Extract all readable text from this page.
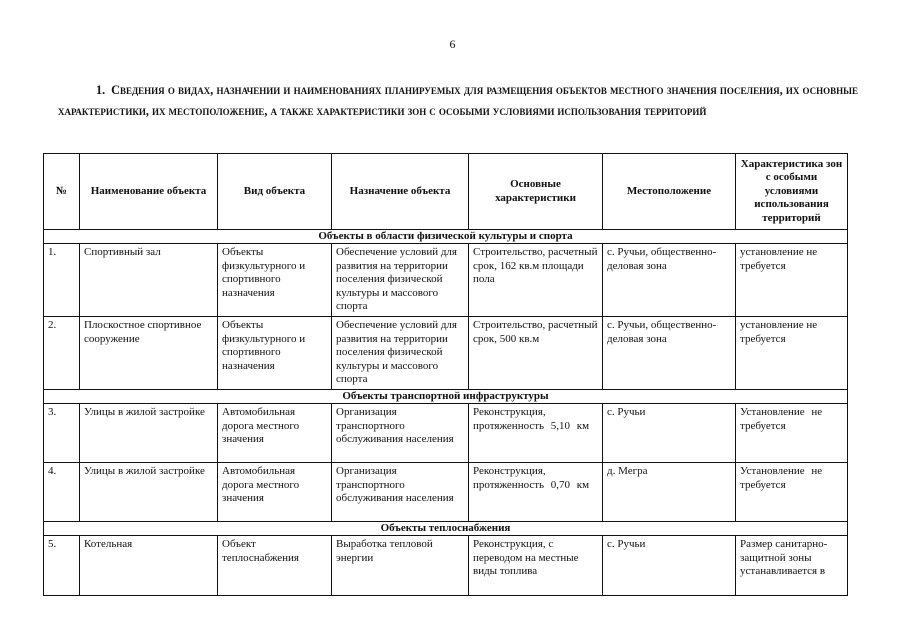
6
1. Сведения о видах, назначении и наименованиях планируемых для размещения объектов местного значения поселения, их основные характеристики, их местоположение, а также характеристики зон с особыми условиями использования территорий
№	Наименование объекта	Вид объекта	Назначение объекта	Основные характеристики	Местоположение	Характеристика зон с особыми условиями использования территорий
Объекты в области физической культуры и спорта						
1.	Спортивный зал	Объекты физкультурного и спортивного назначения	Обеспечение условий для развития на территории поселения физической культуры и массового спорта	Строительство, расчетный срок, 162 кв.м площади пола	с. Ручьи, общественно-деловая зона	установление не требуется
2.	Плоскостное спортивное сооружение	Объекты физкультурного и спортивного назначения	Обеспечение условий для развития на территории поселения физической культуры и массового спорта	Строительство, расчетный срок, 500 кв.м	с. Ручьи, общественно-деловая зона	установление не требуется
Объекты транспортной инфраструктуры						
3.	Улицы в жилой застройке	Автомобильная дорога местного значения	Организация транспортного обслуживания населения	Реконструкция, протяженность 5,10 км	с. Ручьи	Установление не требуется
4.	Улицы в жилой застройке	Автомобильная дорога местного значения	Организация транспортного обслуживания населения	Реконструкция, протяженность 0,70 км	д. Мегра	Установление не требуется
Объекты теплоснабжения						
5.	Котельная	Объект теплоснабжения	Выработка тепловой энергии	Реконструкция, с переводом на местные виды топлива	с. Ручьи	Размер санитарно-защитной зоны устанавливается в
